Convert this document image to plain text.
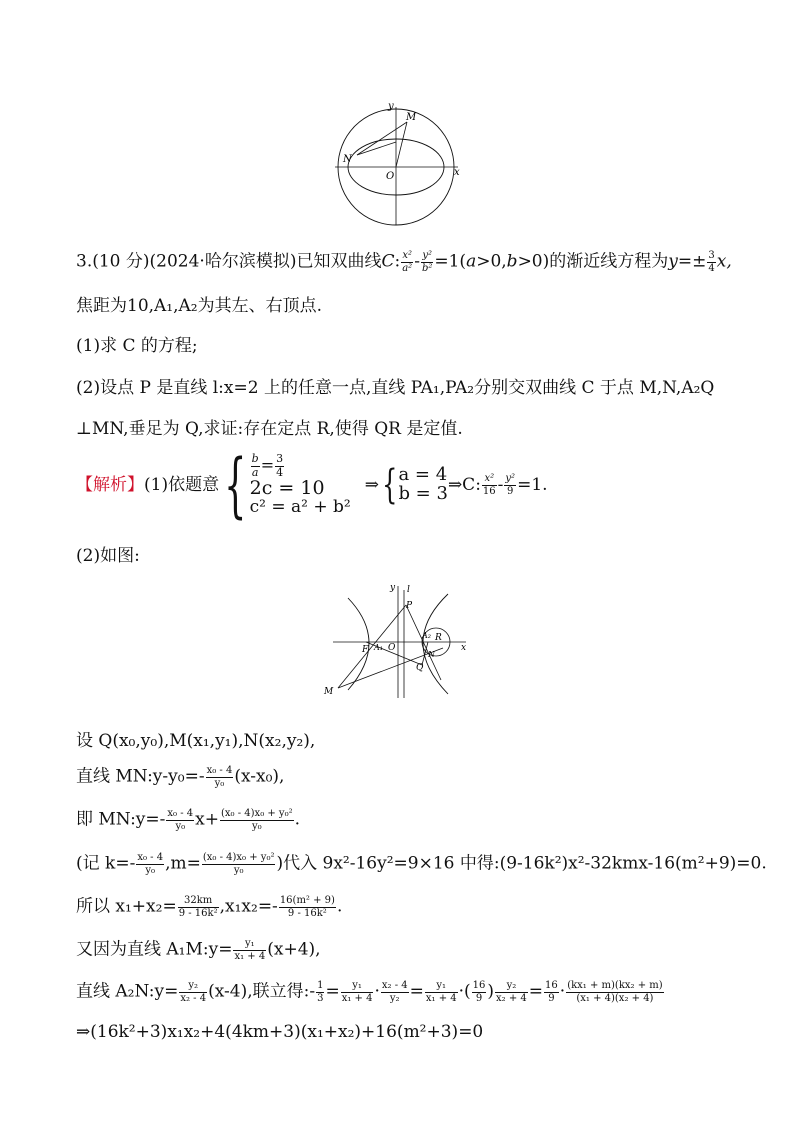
y
M
N
O	x
3.(10 分)(2024·哈尔滨模拟)已知双曲线C: $\frac{\text{x²}}{\text{a²}} - \frac{\text{y²}}{\text{b²}} =1(a>0,b>0)$的渐近线方程为$y=\pm \frac{3}{4} x$,
焦距为10,A₁,A₂为其左、右顶点.
(1)求 C 的方程;
(2)设点 P 是直线 l:x=2 上的任意一点,直线 PA₁,PA₂分别交双曲线 C 于点 M,N,A₂Q
⊥MN,垂足为 Q,求证:存在定点 R,使得 QR 是定值.
【解析】 (1)依题意 { $\frac{b}{a} = \frac{3}{4}$
2c = 10
c² = a² + b²
⇒ { a = 4
b = 3 ⇒C: $\frac{\text{x²}}{16} - \frac{\text{y²}}{9} =1$.
(2)如图:
y l
P
A₂ R
F A₁ O
N
Q
x
M
设 Q(x₀,y₀),M(x₁,y₁),N(x₂,y₂),
直线 MN:y-y₀=- $\frac{\text{x₀ - 4}}{\text{y₀}} (x-x_0)$,
即 MN:y=- $\frac{\text{x₀ - 4}}{\text{y₀}} x+ \frac{\text{(x₀ - 4)x₀ + y₀²}}{\text{y₀}}$ .
(记 $k=- \frac{\text{x₀ - 4}}{\text{y₀}} ,m= \frac{\text{(x₀ - 4)x₀ + y₀²}}{\text{y₀}}$ )代入 9x²-16y²=9×16 中得:(9-16k²)x²-32kmx-16(m²+9)=0.
所以 $x_1+x_2= \frac{32km}{\text{9 - 16k²}} ,x_1x_2=- \frac{\text{16(m² + 9)}}{\text{9 - 16k²}}$ .
又因为直线 A₁M:y= $\frac{\text{y₁}}{\text{x₁ + 4}} (x+4)$,
直线 A₂N:y= $\frac{\text{y₂}}{\text{x₂ - 4}} (x-4)$,联立得:- $\frac{1}{3} = \frac{\text{y₁}}{\text{x₁ + 4}} \cdot \frac{\text{x₂ - 4}}{\text{y₂}} = \frac{\text{y₁}}{\text{x₁ + 4}}$ ·( $\frac{16}{9}$ ) $\frac{\text{y₂}}{\text{x₂ + 4}} = \frac{16}{9} \cdot \frac{\text{(kx₁ + m)(kx₂ + m)}}{\text{(x₁ + 4)(x₂ + 4)}}$
⇒(16k²+3)x₁x₂+4(4km+3)(x₁+x₂)+16(m²+3)=0
